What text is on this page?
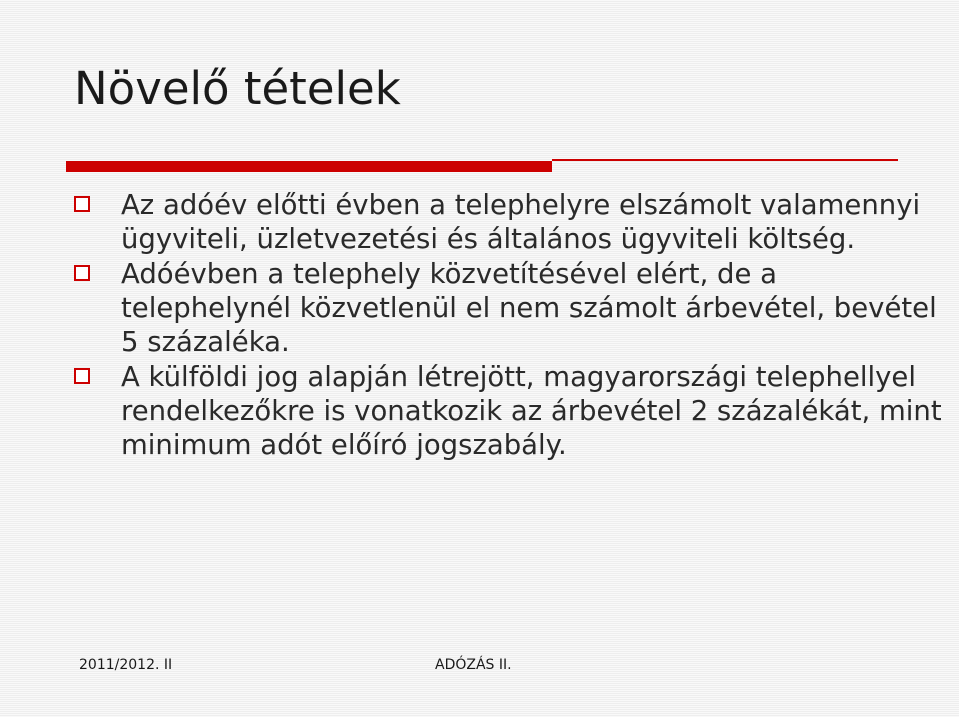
Növelő tételek
Az adóév előtti évben a telephelyre elszámolt valamennyi ügyviteli, üzletvezetési és általános ügyviteli költség.
Adóévben a telephely közvetítésével elért, de a telephelynél közvetlenül el nem számolt árbevétel, bevétel 5 százaléka.
A külföldi jog alapján létrejött, magyarországi telephellyel rendelkezőkre is vonatkozik az árbevétel 2 százalékát, mint minimum adót előíró jogszabály.
2011/2012. II	ADÓZÁS II.
